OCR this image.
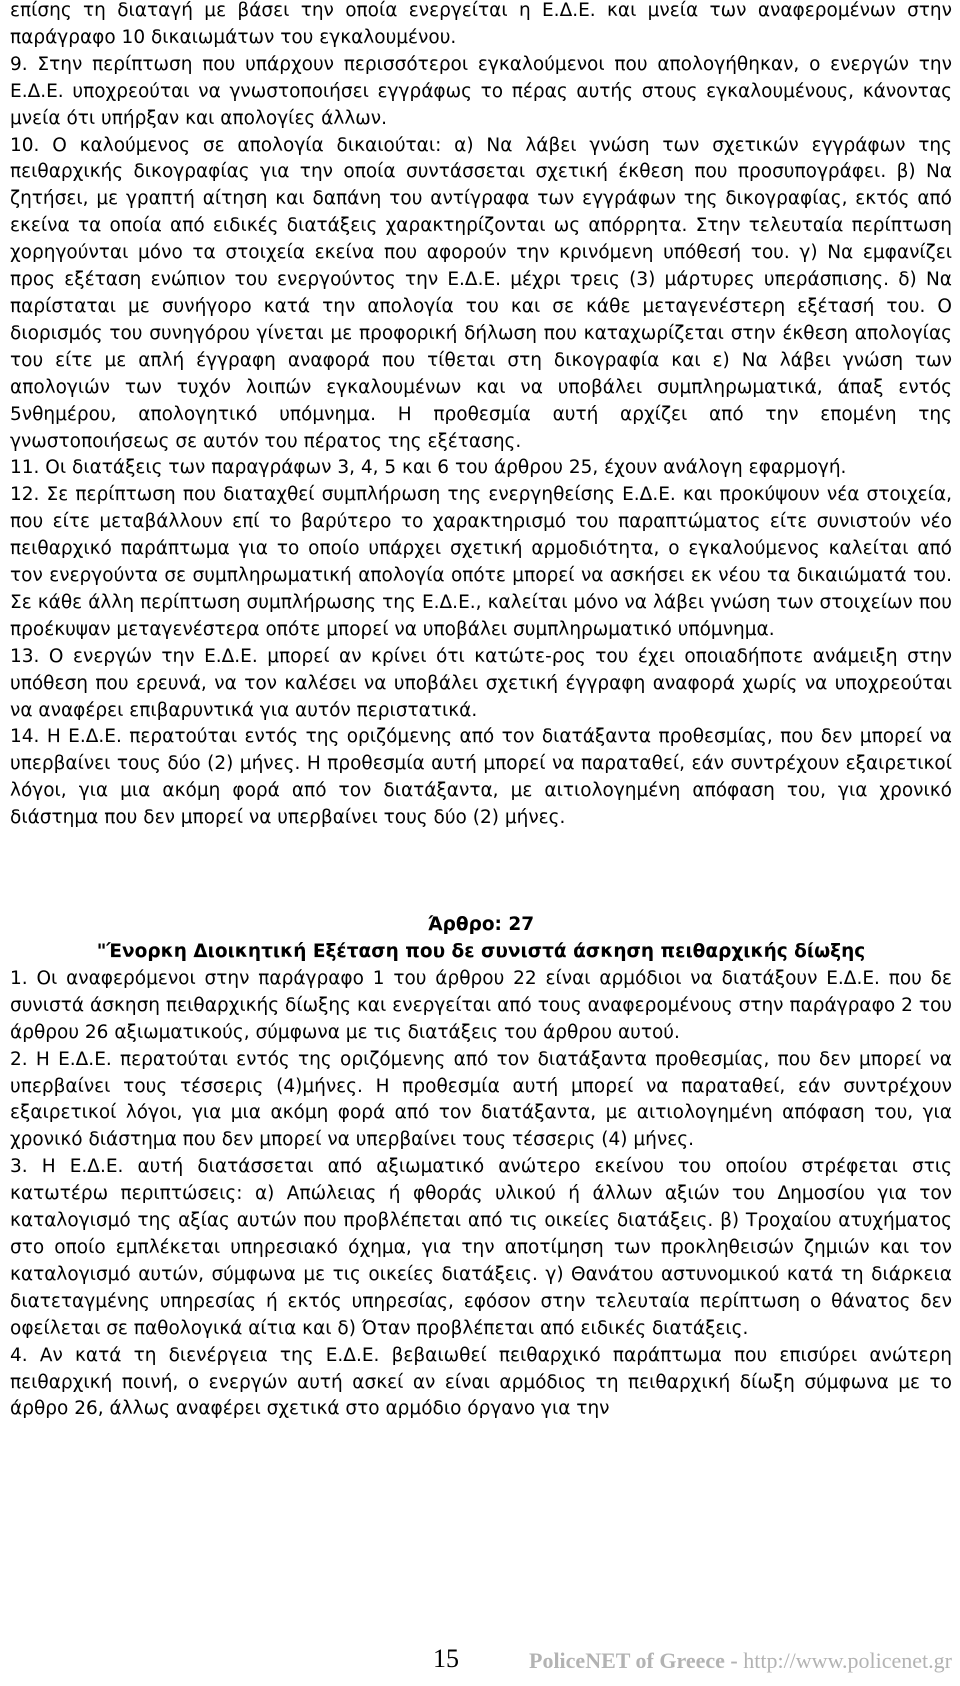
επίσης τη διαταγή με βάσει την οποία ενεργείται η Ε.Δ.Ε. και μνεία των αναφερομένων στην παράγραφο 10 δικαιωμάτων του εγκαλουμένου.

9. Στην περίπτωση που υπάρχουν περισσότεροι εγκαλούμενοι που απολογήθηκαν, ο ενεργών την Ε.Δ.Ε. υποχρεούται να γνωστοποιήσει εγγράφως το πέρας αυτής στους εγκαλουμένους, κάνοντας μνεία ότι υπήρξαν και απολογίες άλλων.

10. Ο καλούμενος σε απολογία δικαιούται: α) Να λάβει γνώση των σχετικών εγγράφων της πειθαρχικής δικογραφίας για την οποία συντάσσεται σχετική έκθεση που προσυπογράφει. β) Να ζητήσει, με γραπτή αίτηση και δαπάνη του αντίγραφα των εγγράφων της δικογραφίας, εκτός από εκείνα τα οποία από ειδικές διατάξεις χαρακτηρίζονται ως απόρρητα. Στην τελευταία περίπτωση χορηγούνται μόνο τα στοιχεία εκείνα που αφορούν την κρινόμενη υπόθεσή του. γ) Να εμφανίζει προς εξέταση ενώπιον του ενεργούντος την Ε.Δ.Ε. μέχρι τρεις (3) μάρτυρες υπεράσπισης. δ) Να παρίσταται με συνήγορο κατά την απολογία του και σε κάθε μεταγενέστερη εξέτασή του. Ο διορισμός του συνηγόρου γίνεται με προφορική δήλωση που καταχωρίζεται στην έκθεση απολογίας του είτε με απλή έγγραφη αναφορά που τίθεται στη δικογραφία και ε) Να λάβει γνώση των απολογιών των τυχόν λοιπών εγκαλουμένων και να υποβάλει συμπληρωματικά, άπαξ εντός 5νθημέρου, απολογητικό υπόμνημα. Η προθεσμία αυτή αρχίζει από την επομένη της γνωστοποιήσεως σε αυτόν του πέρατος της εξέτασης.

11. Οι διατάξεις των παραγράφων 3, 4, 5 και 6 του άρθρου 25, έχουν ανάλογη εφαρμογή.

12. Σε περίπτωση που διαταχθεί συμπλήρωση της ενεργηθείσης Ε.Δ.Ε. και προκύψουν νέα στοιχεία, που είτε μεταβάλλουν επί το βαρύτερο το χαρακτηρισμό του παραπτώματος είτε συνιστούν νέο πειθαρχικό παράπτωμα για το οποίο υπάρχει σχετική αρμοδιότητα, ο εγκαλούμενος καλείται από τον ενεργούντα σε συμπληρωματική απολογία οπότε μπορεί να ασκήσει εκ νέου τα δικαιώματά του. Σε κάθε άλλη περίπτωση συμπλήρωσης της Ε.Δ.Ε., καλείται μόνο να λάβει γνώση των στοιχείων που προέκυψαν μεταγενέστερα οπότε μπορεί να υποβάλει συμπληρωματικό υπόμνημα.

13. Ο ενεργών την Ε.Δ.Ε. μπορεί αν κρίνει ότι κατώτε-ρος του έχει οποιαδήποτε ανάμειξη στην υπόθεση που ερευνά, να τον καλέσει να υποβάλει σχετική έγγραφη αναφορά χωρίς να υποχρεούται να αναφέρει επιβαρυντικά για αυτόν περιστατικά.

14. Η Ε.Δ.Ε. περατούται εντός της οριζόμενης από τον διατάξαντα προθεσμίας, που δεν μπορεί να υπερβαίνει τους δύο (2) μήνες. Η προθεσμία αυτή μπορεί να παραταθεί, εάν συντρέχουν εξαιρετικοί λόγοι, για μια ακόμη φορά από τον διατάξαντα, με αιτιολογημένη απόφαση του, για χρονικό διάστημα που δεν μπορεί να υπερβαίνει τους δύο (2) μήνες.

Άρθρο: 27

"Ένορκη Διοικητική Εξέταση που δε συνιστά άσκηση πειθαρχικής δίωξης

1. Οι αναφερόμενοι στην παράγραφο 1 του άρθρου 22 είναι αρμόδιοι να διατάξουν Ε.Δ.Ε. που δε συνιστά άσκηση πειθαρχικής δίωξης και ενεργείται από τους αναφερομένους στην παράγραφο 2 του άρθρου 26 αξιωματικούς, σύμφωνα με τις διατάξεις του άρθρου αυτού.

2. Η Ε.Δ.Ε. περατούται εντός της οριζόμενης από τον διατάξαντα προθεσμίας, που δεν μπορεί να υπερβαίνει τους τέσσερις (4)μήνες. Η προθεσμία αυτή μπορεί να παραταθεί, εάν συντρέχουν εξαιρετικοί λόγοι, για μια ακόμη φορά από τον διατάξαντα, με αιτιολογημένη απόφαση του, για χρονικό διάστημα που δεν μπορεί να υπερβαίνει τους τέσσερις (4) μήνες.

3. Η Ε.Δ.Ε. αυτή διατάσσεται από αξιωματικό ανώτερο εκείνου του οποίου στρέφεται στις κατωτέρω περιπτώσεις: α) Απώλειας ή φθοράς υλικού ή άλλων αξιών του Δημοσίου για τον καταλογισμό της αξίας αυτών που προβλέπεται από τις οικείες διατάξεις. β) Τροχαίου ατυχήματος στο οποίο εμπλέκεται υπηρεσιακό όχημα, για την αποτίμηση των προκληθεισών ζημιών και τον καταλογισμό αυτών, σύμφωνα με τις οικείες διατάξεις. γ) Θανάτου αστυνομικού κατά τη διάρκεια διατεταγμένης υπηρεσίας ή εκτός υπηρεσίας, εφόσον στην τελευταία περίπτωση ο θάνατος δεν οφείλεται σε παθολογικά αίτια και δ) Όταν προβλέπεται από ειδικές διατάξεις.

4. Αν κατά τη διενέργεια της Ε.Δ.Ε. βεβαιωθεί πειθαρχικό παράπτωμα που επισύρει ανώτερη πειθαρχική ποινή, ο ενεργών αυτή ασκεί αν είναι αρμόδιος τη πειθαρχική δίωξη σύμφωνα με το άρθρο 26, άλλως αναφέρει σχετικά στο αρμόδιο όργανο για την

15	PoliceNET of Greece - http://www.policenet.gr
